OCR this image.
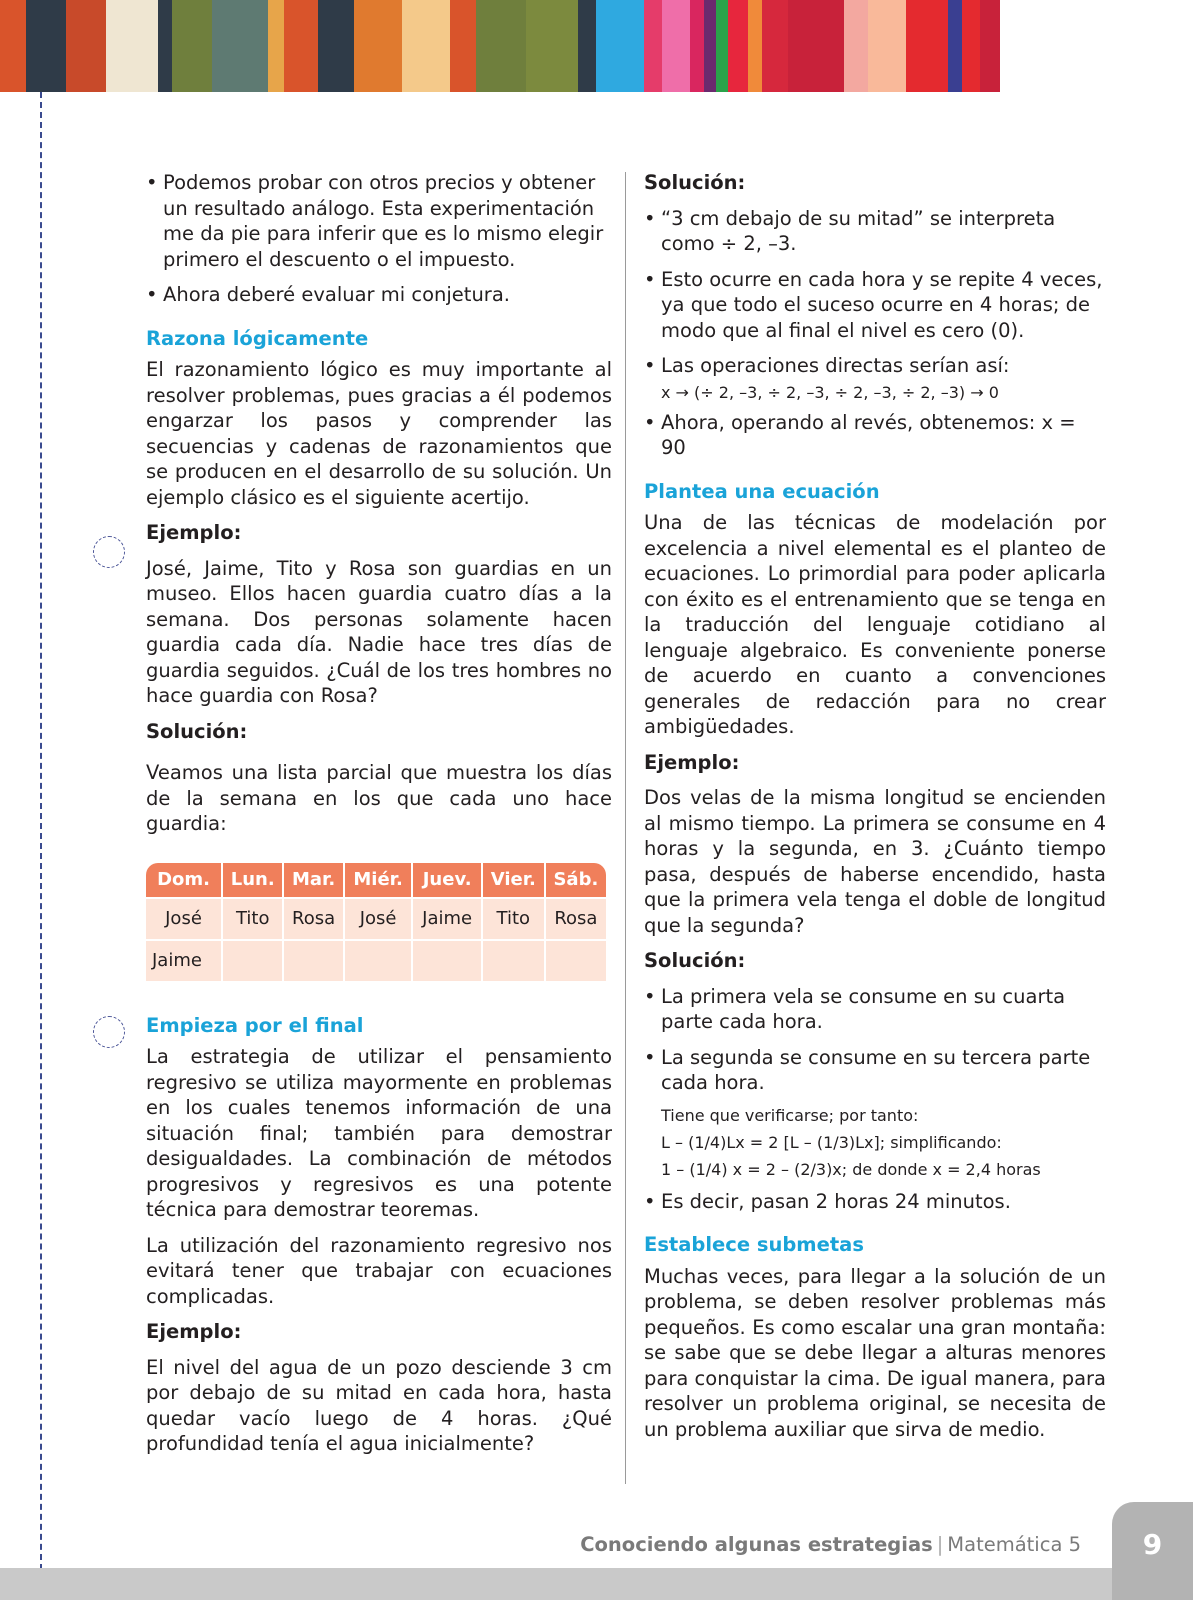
• Podemos probar con otros precios y obtener un resultado análogo. Esta experimentación me da pie para inferir que es lo mismo elegir primero el descuento o el impuesto.
• Ahora deberé evaluar mi conjetura.
Razona lógicamente

El razonamiento lógico es muy importante al resolver problemas, pues gracias a él podemos engarzar los pasos y comprender las secuencias y cadenas de razonamientos que se producen en el desarrollo de su solución. Un ejemplo clásico es el siguiente acertijo.

Ejemplo:

José, Jaime, Tito y Rosa son guardias en un museo. Ellos hacen guardia cuatro días a la semana. Dos personas solamente hacen guardia cada día. Nadie hace tres días de guardia seguidos. ¿Cuál de los tres hombres no hace guardia con Rosa?

Solución:

Veamos una lista parcial que muestra los días de la semana en los que cada uno hace guardia:

Dom.	Lun.	Mar.	Miér.	Juev.	Vier.	Sáb.
José	Tito	Rosa	José	Jaime	Tito	Rosa
Jaime						
Empieza por el final

La estrategia de utilizar el pensamiento regresivo se utiliza mayormente en problemas en los cuales tenemos información de una situación final; también para demostrar desigualdades. La combinación de métodos progresivos y regresivos es una potente técnica para demostrar teoremas.

La utilización del razonamiento regresivo nos evitará tener que trabajar con ecuaciones complicadas.

Ejemplo:

El nivel del agua de un pozo desciende 3 cm por debajo de su mitad en cada hora, hasta quedar vacío luego de 4 horas. ¿Qué profundidad tenía el agua inicialmente?

Solución:
• “3 cm debajo de su mitad” se interpreta como ÷ 2, –3.
• Esto ocurre en cada hora y se repite 4 veces, ya que todo el suceso ocurre en 4 horas; de modo que al final el nivel es cero (0).
• Las operaciones directas serían así:
x → (÷ 2, –3, ÷ 2, –3, ÷ 2, –3, ÷ 2, –3) → 0
• Ahora, operando al revés, obtenemos: x = 90
Plantea una ecuación

Una de las técnicas de modelación por excelencia a nivel elemental es el planteo de ecuaciones. Lo primordial para poder aplicarla con éxito es el entrenamiento que se tenga en la traducción del lenguaje cotidiano al lenguaje algebraico. Es conveniente ponerse de acuerdo en cuanto a convenciones generales de redacción para no crear ambigüedades.

Ejemplo:

Dos velas de la misma longitud se encienden al mismo tiempo. La primera se consume en 4 horas y la segunda, en 3. ¿Cuánto tiempo pasa, después de haberse encendido, hasta que la primera vela tenga el doble de longitud que la segunda?

Solución:
• La primera vela se consume en su cuarta parte cada hora.
• La segunda se consume en su tercera parte cada hora.
Tiene que verificarse; por tanto:
L – (1/4)Lx = 2 [L – (1/3)Lx]; simplificando:
1 – (1/4) x = 2 – (2/3)x; de donde x = 2,4 horas
• Es decir, pasan 2 horas 24 minutos.
Establece submetas

Muchas veces, para llegar a la solución de un problema, se deben resolver problemas más pequeños. Es como escalar una gran montaña: se sabe que se debe llegar a alturas menores para conquistar la cima. De igual manera, para resolver un problema original, se necesita de un problema auxiliar que sirva de medio.

Conociendo algunas estrategias | Matemática 5	9
